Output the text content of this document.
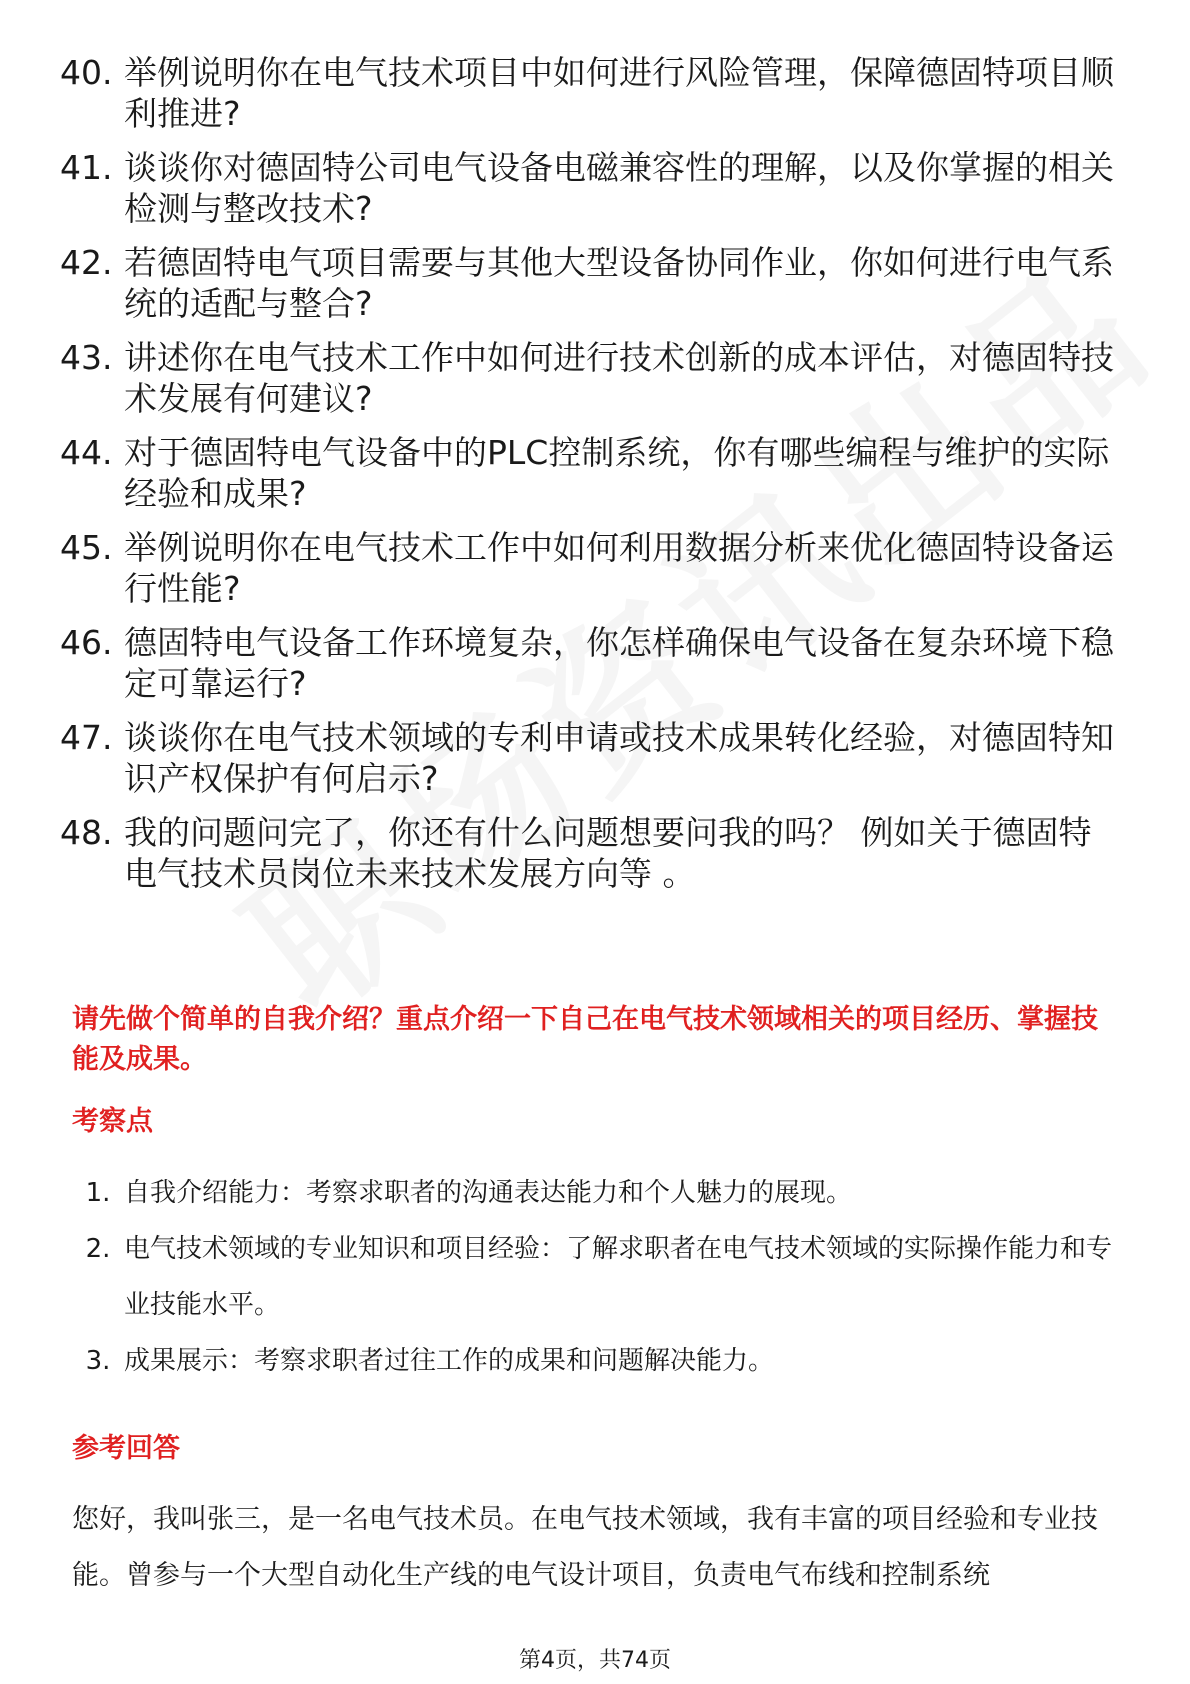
40. 举例说明你在电气技术项目中如何进行风险管理，保障德固特项目顺利推进?
41. 谈谈你对德固特公司电气设备电磁兼容性的理解，以及你掌握的相关检测与整改技术?
42. 若德固特电气项目需要与其他大型设备协同作业，你如何进行电气系统的适配与整合?
43. 讲述你在电气技术工作中如何进行技术创新的成本评估，对德固特技术发展有何建议?
44. 对于德固特电气设备中的PLC控制系统，你有哪些编程与维护的实际经验和成果?
45. 举例说明你在电气技术工作中如何利用数据分析来优化德固特设备运行性能?
46. 德固特电气设备工作环境复杂，你怎样确保电气设备在复杂环境下稳定可靠运行?
47. 谈谈你在电气技术领域的专利申请或技术成果转化经验，对德固特知识产权保护有何启示?
48. 我的问题问完了，你还有什么问题想要问我的吗？ 例如关于德固特电气技术员岗位未来技术发展方向等 。
请先做个简单的自我介绍？重点介绍一下自己在电气技术领域相关的项目经历、掌握技能及成果。
考察点
1. 自我介绍能力：考察求职者的沟通表达能力和个人魅力的展现。
2. 电气技术领域的专业知识和项目经验：了解求职者在电气技术领域的实际操作能力和专业技能水平。
3. 成果展示：考察求职者过往工作的成果和问题解决能力。
参考回答
您好，我叫张三，是一名电气技术员。在电气技术领域，我有丰富的项目经验和专业技能。曾参与一个大型自动化生产线的电气设计项目，负责电气布线和控制系统
第4页，共74页
